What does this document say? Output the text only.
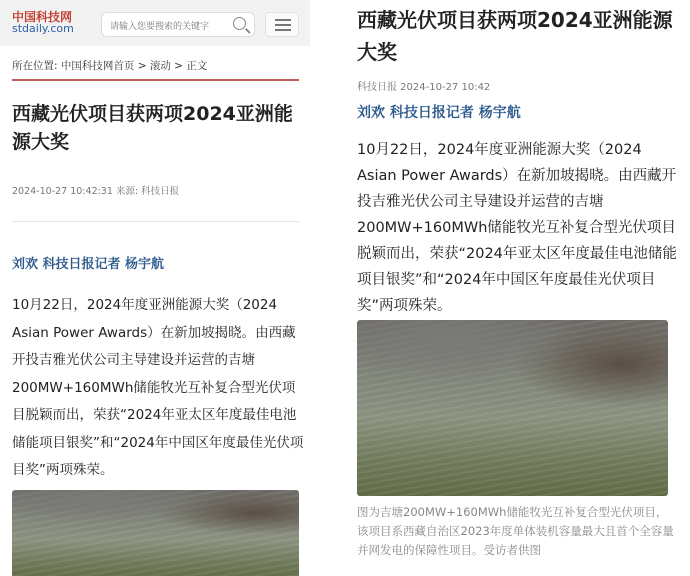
中国科技网
stdaily.com	请输入您要搜索的关键字
所在位置: 中国科技网首页 > 滚动 > 正文
西藏光伏项目获两项2024亚洲能源大奖
2024-10-27 10:42:31 来源: 科技日报
刘欢 科技日报记者 杨宇航

10月22日，2024年度亚洲能源大奖（2024 Asian Power Awards）在新加坡揭晓。由西藏开投吉雅光伏公司主导建设并运营的吉塘200MW+160MWh储能牧光互补复合型光伏项目脱颖而出，荣获“2024年亚太区年度最佳电池储能项目银奖”和“2024年中国区年度最佳光伏项目奖”两项殊荣。

西藏光伏项目获两项2024亚洲能源大奖
科技日报 2024-10-27 10:42
刘欢 科技日报记者 杨宇航

10月22日，2024年度亚洲能源大奖（2024 Asian Power Awards）在新加坡揭晓。由西藏开投吉雅光伏公司主导建设并运营的吉塘200MW+160MWh储能牧光互补复合型光伏项目脱颖而出，荣获“2024年亚太区年度最佳电池储能项目银奖”和“2024年中国区年度最佳光伏项目奖”两项殊荣。

图为吉塘200MW+160MWh储能牧光互补复合型光伏项目，该项目系西藏自治区2023年度单体装机容量最大且首个全容量并网发电的保障性项目。受访者供图
